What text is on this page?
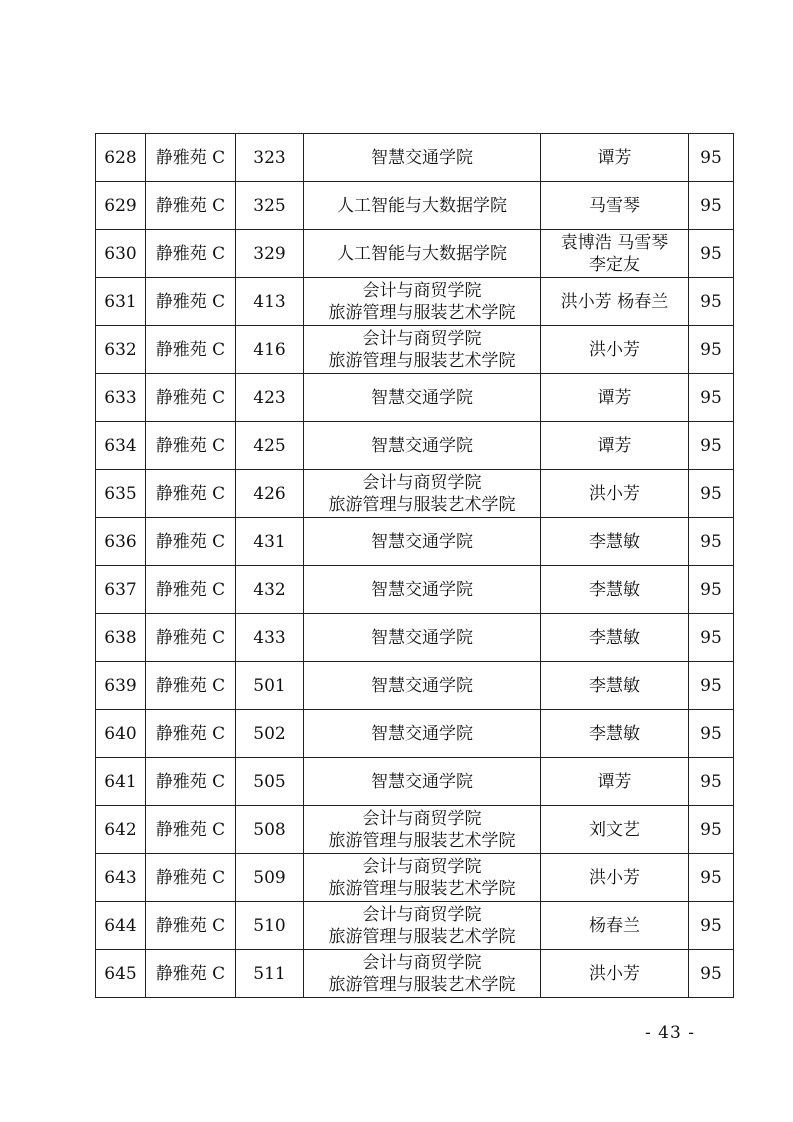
628	静雅苑 C	323	智慧交通学院	谭芳	95

629	静雅苑 C	325	人工智能与大数据学院	马雪琴	95

630	静雅苑 C	329	人工智能与大数据学院	袁博浩 马雪琴
李定友	95

631	静雅苑 C	413	会计与商贸学院
旅游管理与服装艺术学院	洪小芳 杨春兰	95

632	静雅苑 C	416	会计与商贸学院
旅游管理与服装艺术学院	洪小芳	95

633	静雅苑 C	423	智慧交通学院	谭芳	95

634	静雅苑 C	425	智慧交通学院	谭芳	95

635	静雅苑 C	426	会计与商贸学院
旅游管理与服装艺术学院	洪小芳	95

636	静雅苑 C	431	智慧交通学院	李慧敏	95

637	静雅苑 C	432	智慧交通学院	李慧敏	95

638	静雅苑 C	433	智慧交通学院	李慧敏	95

639	静雅苑 C	501	智慧交通学院	李慧敏	95

640	静雅苑 C	502	智慧交通学院	李慧敏	95

641	静雅苑 C	505	智慧交通学院	谭芳	95

642	静雅苑 C	508	会计与商贸学院
旅游管理与服装艺术学院	刘文艺	95

643	静雅苑 C	509	会计与商贸学院
旅游管理与服装艺术学院	洪小芳	95

644	静雅苑 C	510	会计与商贸学院
旅游管理与服装艺术学院	杨春兰	95

645	静雅苑 C	511	会计与商贸学院
旅游管理与服装艺术学院	洪小芳	95
- 43 -
